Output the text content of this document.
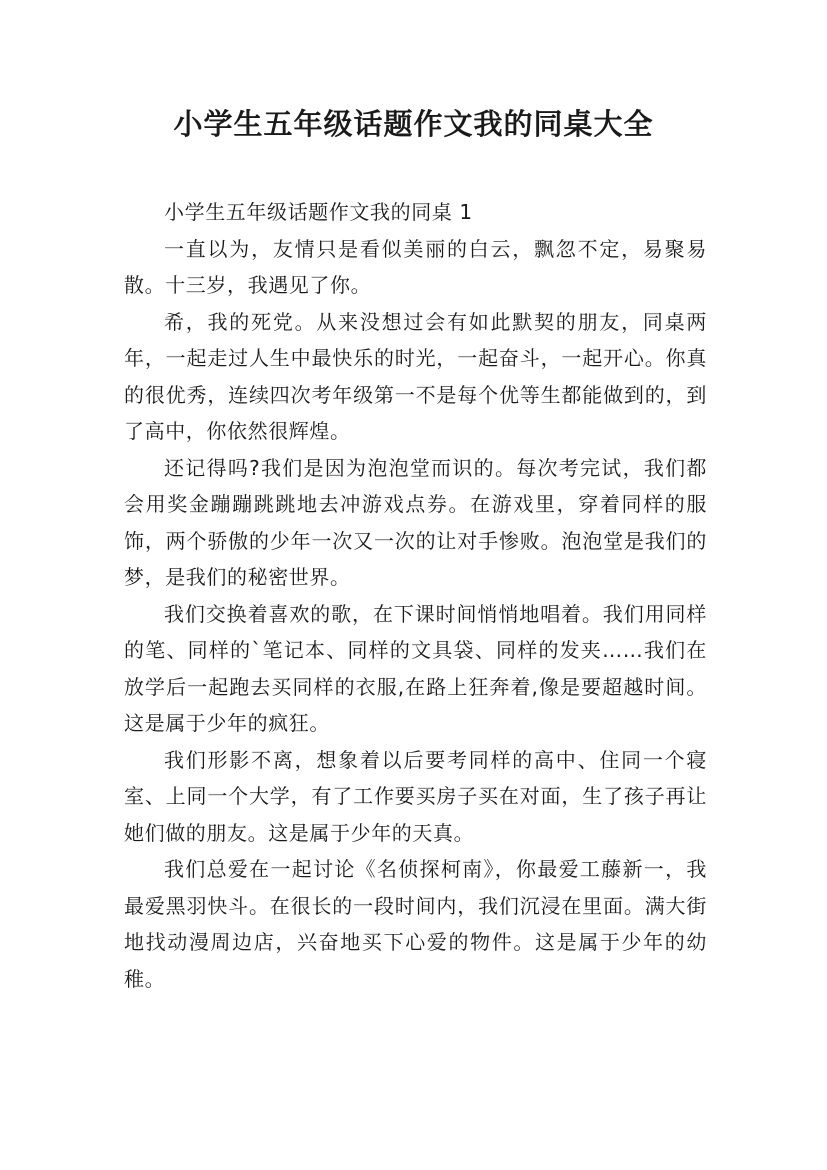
小学生五年级话题作文我的同桌大全

小学生五年级话题作文我的同桌 1

一直以为，友情只是看似美丽的白云，飘忽不定，易聚易散。十三岁，我遇见了你。

希，我的死党。从来没想过会有如此默契的朋友，同桌两年，一起走过人生中最快乐的时光，一起奋斗，一起开心。你真的很优秀，连续四次考年级第一不是每个优等生都能做到的，到了高中，你依然很辉煌。

还记得吗?我们是因为泡泡堂而识的。每次考完试，我们都会用奖金蹦蹦跳跳地去冲游戏点券。在游戏里，穿着同样的服饰，两个骄傲的少年一次又一次的让对手惨败。泡泡堂是我们的梦，是我们的秘密世界。

我们交换着喜欢的歌，在下课时间悄悄地唱着。我们用同样的笔、同样的`笔记本、同样的文具袋、同样的发夹……我们在放学后一起跑去买同样的衣服,在路上狂奔着,像是要超越时间。这是属于少年的疯狂。

我们形影不离，想象着以后要考同样的高中、住同一个寝室、上同一个大学，有了工作要买房子买在对面，生了孩子再让她们做的朋友。这是属于少年的天真。

我们总爱在一起讨论《名侦探柯南》，你最爱工藤新一，我最爱黑羽快斗。在很长的一段时间内，我们沉浸在里面。满大街地找动漫周边店，兴奋地买下心爱的物件。这是属于少年的幼稚。
